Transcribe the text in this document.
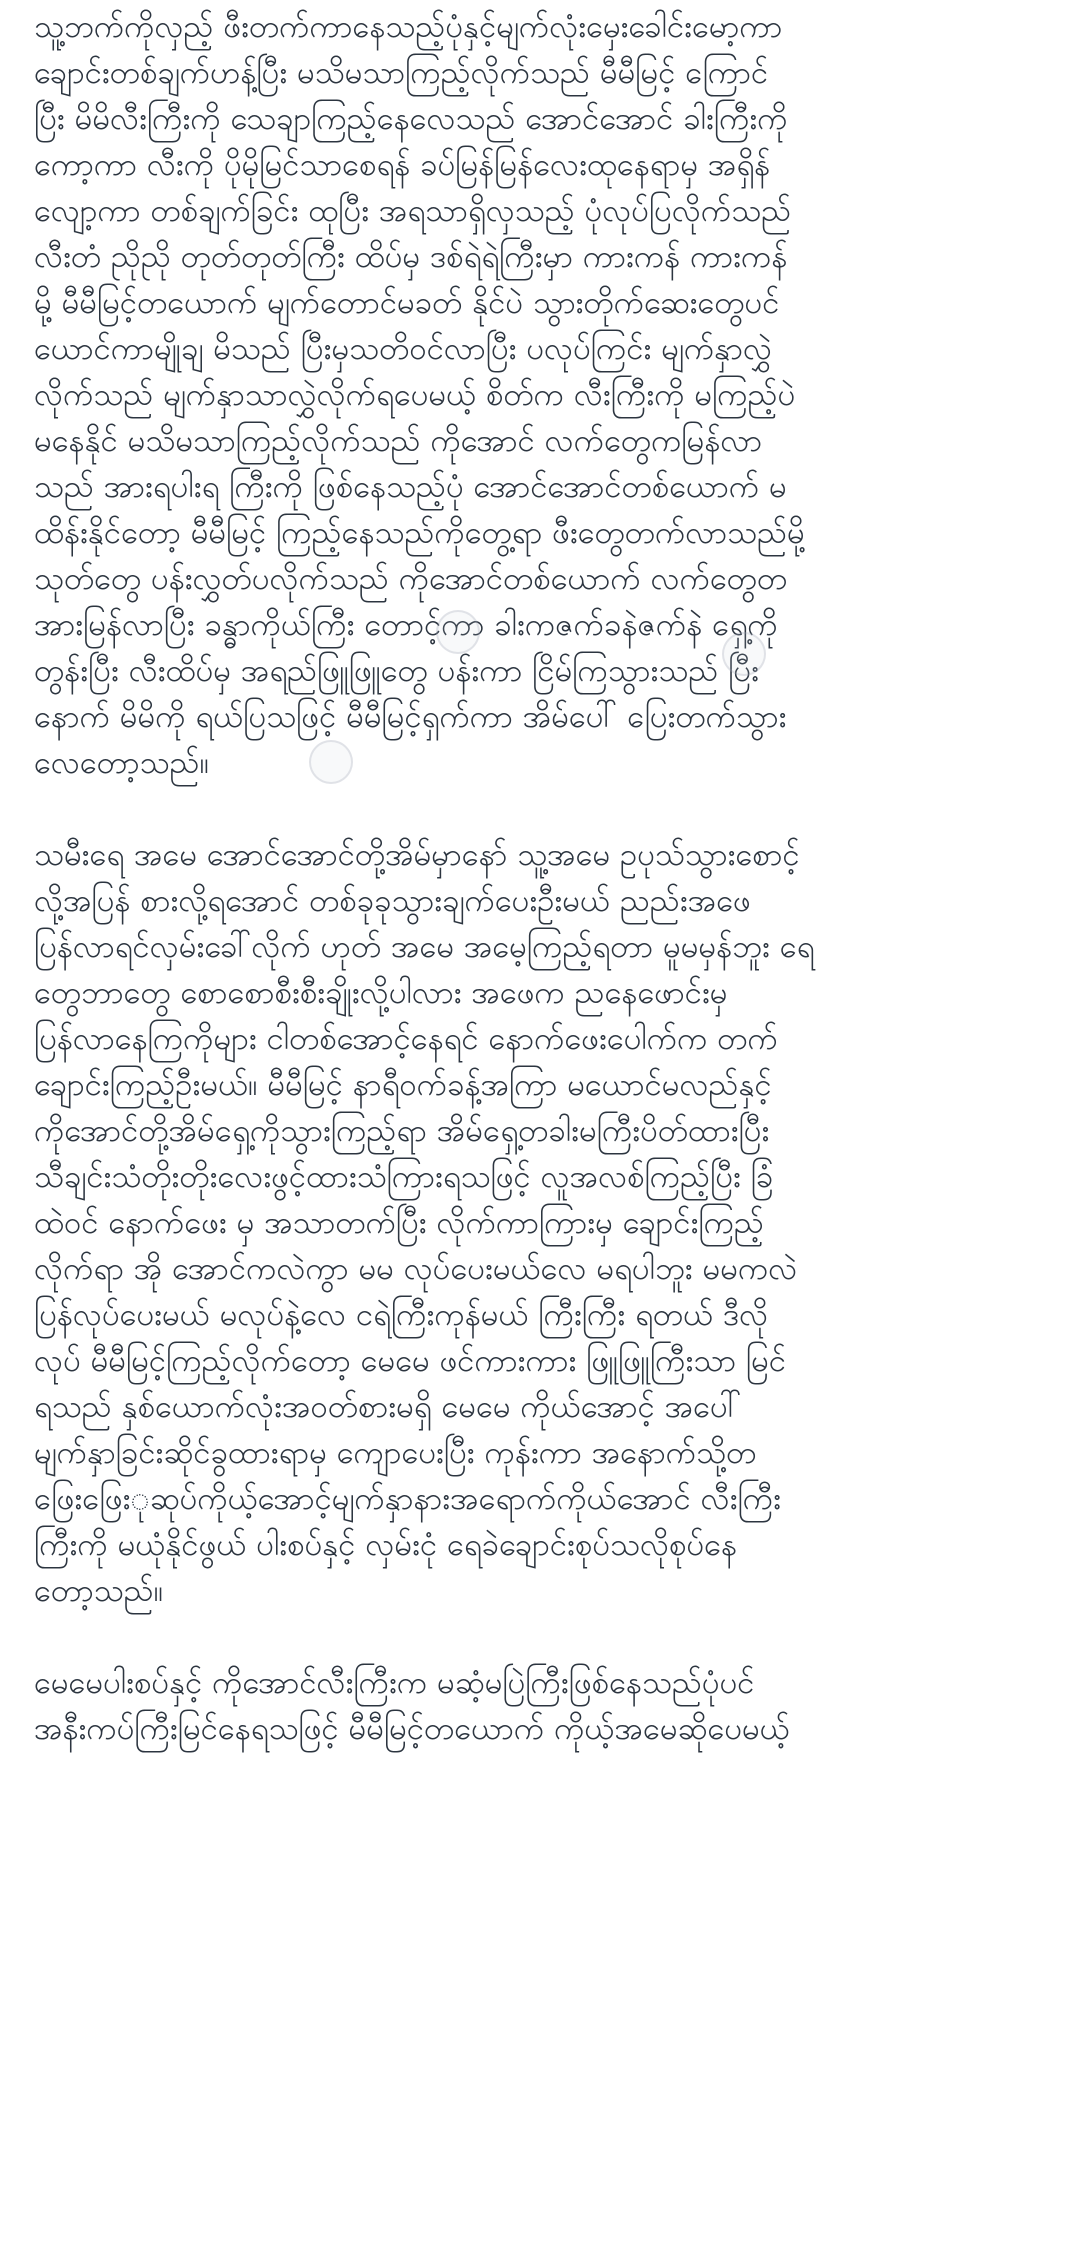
သူ့ဘက်ကိုလှည့် ဖီးတက်ကာနေသည့်ပုံနှင့်မျက်လုံးမှေးခေါင်းမော့ကာ
ချောင်းတစ်ချက်ဟန့်ပြီး မသိမသာကြည့်လိုက်သည် မီမီမြင့် ကြောင်
ပြီး မိမိလီးကြီးကို သေချာကြည့်နေလေသည် အောင်အောင် ခါးကြီးကို
ကော့ကာ လီးကို ပိုမိုမြင်သာစေရန် ခပ်မြန်မြန်လေးထုနေရာမှ အရှိန်
လျော့ကာ တစ်ချက်ခြင်း ထုပြီး အရသာရှိလှသည့် ပုံလုပ်ပြလိုက်သည်
လီးတံ ညိုညို တုတ်တုတ်ကြီး ထိပ်မှ ဒစ်ရဲရဲကြီးမှာ ကားကန် ကားကန်
မို့ မီမီမြင့်တယောက် မျက်တောင်မခတ် နိုင်ပဲ သွားတိုက်ဆေးတွေပင်
ယောင်ကာမျိုချ မိသည် ပြီးမှသတိဝင်လာပြီး ပလုပ်ကြင်း မျက်နှာလွှဲ
လိုက်သည် မျက်နှာသာလွှဲလိုက်ရပေမယ့် စိတ်က လီးကြီးကို မကြည့်ပဲ
မနေနိုင် မသိမသာကြည့်လိုက်သည် ကိုအောင် လက်တွေကမြန်လာ
သည် အားရပါးရ ကြီးကို ဖြစ်နေသည့်ပုံ အောင်အောင်တစ်ယောက် မ
ထိန်းနိုင်တော့ မီမီမြင့် ကြည့်နေသည်ကိုတွေ့ရာ ဖီးတွေတက်လာသည်မို့
သုတ်တွေ ပန်းလွှတ်ပလိုက်သည် ကိုအောင်တစ်ယောက် လက်တွေတ
အားမြန်လာပြီး ခန္ဓာကိုယ်ကြီး တောင့်ကာ ခါးကဇက်ခနဲဇက်နဲ ရှေ့ကို
တွန်းပြီး လီးထိပ်မှ အရည်ဖြူဖြူတွေ ပန်းကာ ငြိမ်ကြသွားသည် ပြီး
နောက် မိမိကို ရယ်ပြသဖြင့် မီမီမြင့်ရှက်ကာ အိမ်ပေါ် ပြေးတက်သွား
လေတော့သည်။

သမီးရေ အမေ အောင်အောင်တို့အိမ်မှာနော် သူ့အမေ ဥပုသ်သွားစောင့်
လို့အပြန် စားလို့ရအောင် တစ်ခုခုသွားချက်ပေးဦးမယ် ညည်းအဖေ
ပြန်လာရင်လှမ်းခေါ်လိုက် ဟုတ် အမေ အမေ့ကြည့်ရတာ မူမမှန်ဘူး ရေ
တွေဘာတွေ စောစောစီးစီးချိုးလို့ပါလား အဖေက ညနေဖောင်းမှ
ပြန်လာနေကြကိုများ ငါတစ်အောင့်နေရင် နောက်ဖေးပေါက်က တက်
ချောင်းကြည့်ဦးမယ်။ မီမီမြင့် နာရီဝက်ခန့်အကြာ မယောင်မလည်နှင့်
ကိုအောင်တို့အိမ်ရှေ့ကိုသွားကြည့်ရာ အိမ်ရှေ့တခါးမကြီးပိတ်ထားပြီး
သီချင်းသံတိုးတိုးလေးဖွင့်ထားသံကြားရသဖြင့် လူအလစ်ကြည့်ပြီး ခြံ
ထဲဝင် နောက်ဖေး မှ အသာတက်ပြီး လိုက်ကာကြားမှ ချောင်းကြည့်
လိုက်ရာ အို အောင်ကလဲကွာ မမ လုပ်ပေးမယ်လေ မရပါဘူး မမကလဲ
ပြန်လုပ်ပေးမယ် မလုပ်နဲ့လေ ငရဲကြီးကုန်မယ် ကြီးကြီး ရတယ် ဒီလို
လုပ် မီမီမြင့်ကြည့်လိုက်တော့ မေမေ ဖင်ကားကား ဖြူဖြူကြီးသာ မြင်
ရသည် နှစ်ယောက်လုံးအဝတ်စားမရှိ မေမေ ကိုယ်အောင့် အပေါ်
မျက်နှာခြင်းဆိုင်ခွထားရာမှ ကျောပေးပြီး ကုန်းကာ အနောက်သို့တ
ဖြေးဖြေးုဆုပ်ကိုယ့်အောင့်မျက်နှာနားအရောက်ကိုယ်အောင် လီးကြီး
ကြီးကို မယုံနိုင်ဖွယ် ပါးစပ်နှင့် လှမ်းငုံ ရေခဲချောင်းစုပ်သလိုစုပ်နေ
တော့သည်။

မေမေပါးစပ်နှင့် ကိုအောင်လီးကြီးက မဆံ့မပြဲကြီးဖြစ်နေသည်ပုံပင်
အနီးကပ်ကြီးမြင်နေရသဖြင့် မီမီမြင့်တယောက် ကိုယ့်အမေဆိုပေမယ့်
